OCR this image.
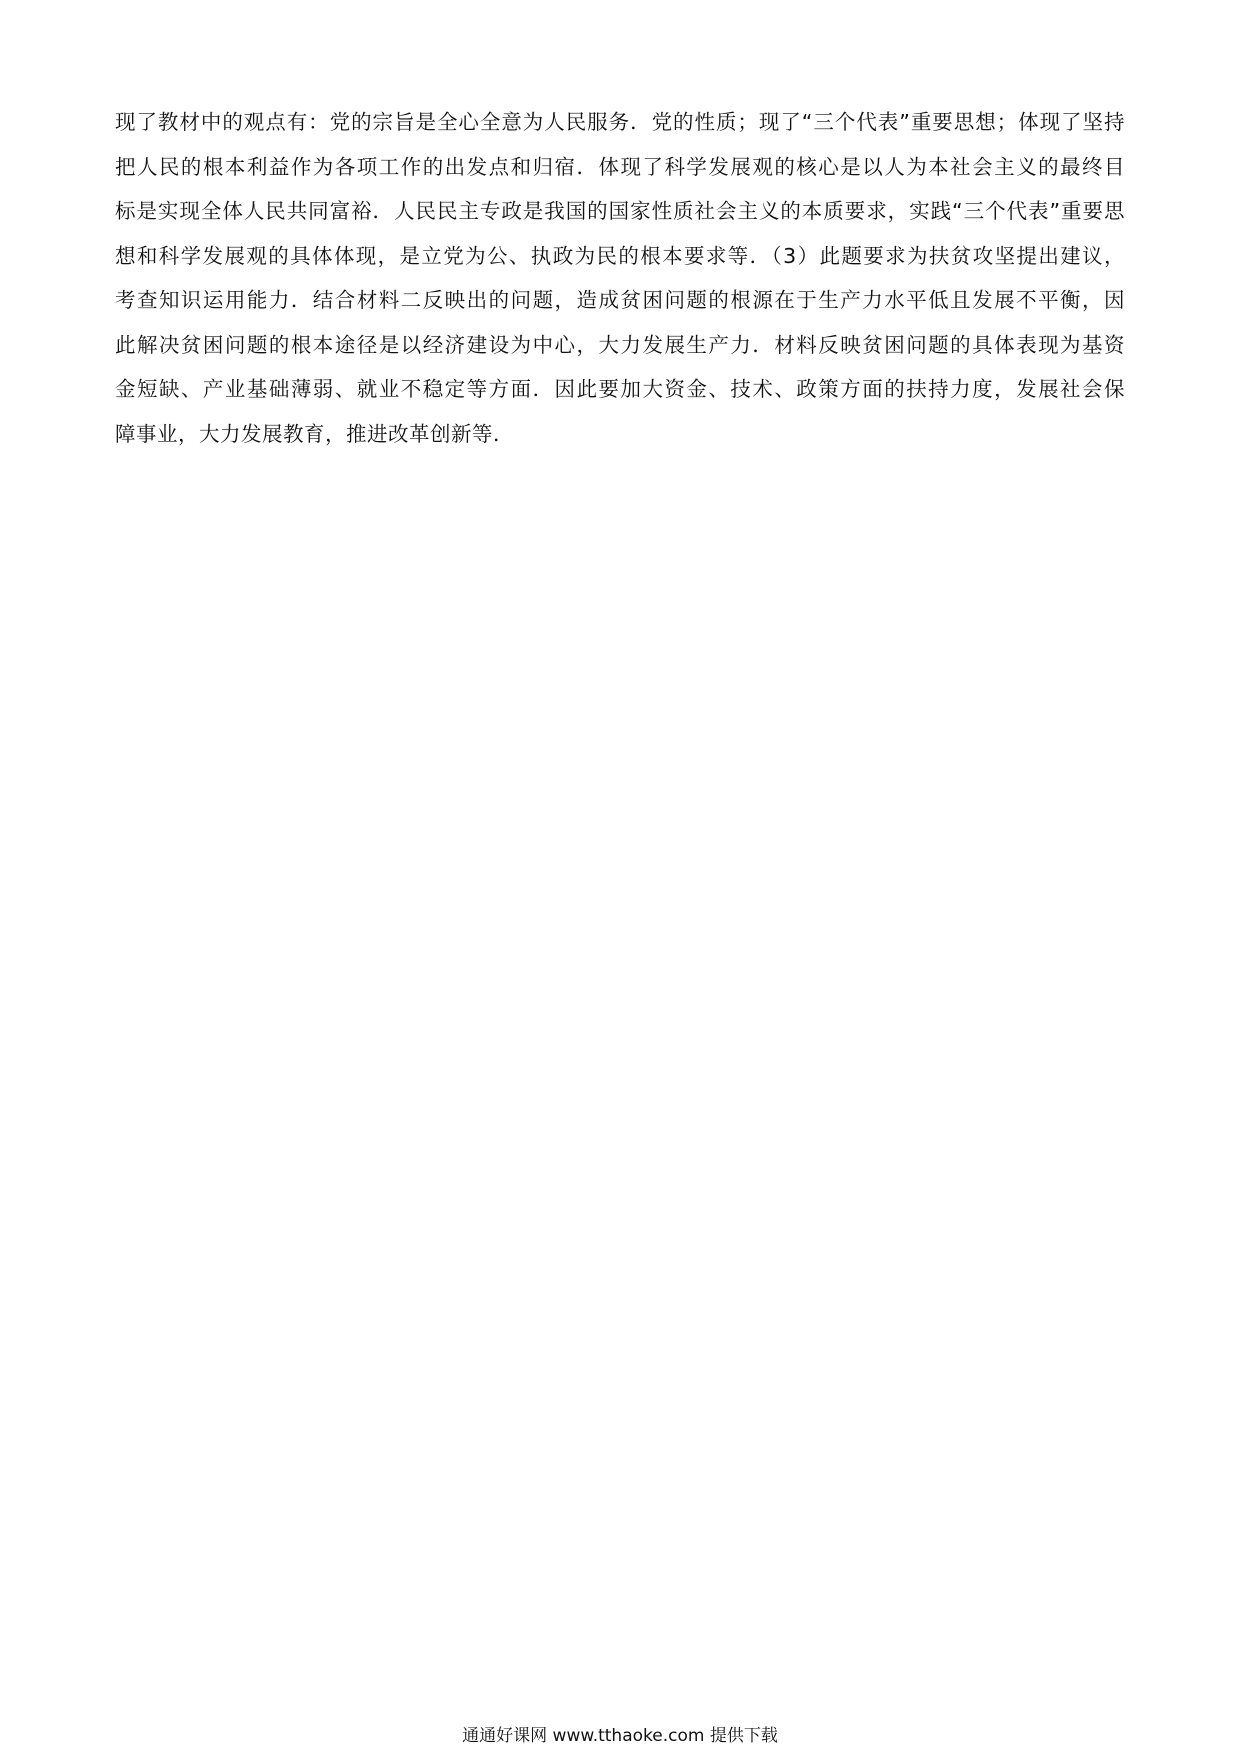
现了教材中的观点有：党的宗旨是全心全意为人民服务．党的性质；现了“三个代表”重要思想；体现了坚持
把人民的根本利益作为各项工作的出发点和归宿．体现了科学发展观的核心是以人为本社会主义的最终目
标是实现全体人民共同富裕．人民民主专政是我国的国家性质社会主义的本质要求，实践“三个代表”重要思
想和科学发展观的具体体现，是立党为公、执政为民的根本要求等．（3）此题要求为扶贫攻坚提出建议，
考查知识运用能力．结合材料二反映出的问题，造成贫困问题的根源在于生产力水平低且发展不平衡，因
此解决贫困问题的根本途径是以经济建设为中心，大力发展生产力．材料反映贫困问题的具体表现为基资
金短缺、产业基础薄弱、就业不稳定等方面．因此要加大资金、技术、政策方面的扶持力度，发展社会保
障事业，大力发展教育，推进改革创新等．
通通好课网 www.tthaoke.com 提供下载
